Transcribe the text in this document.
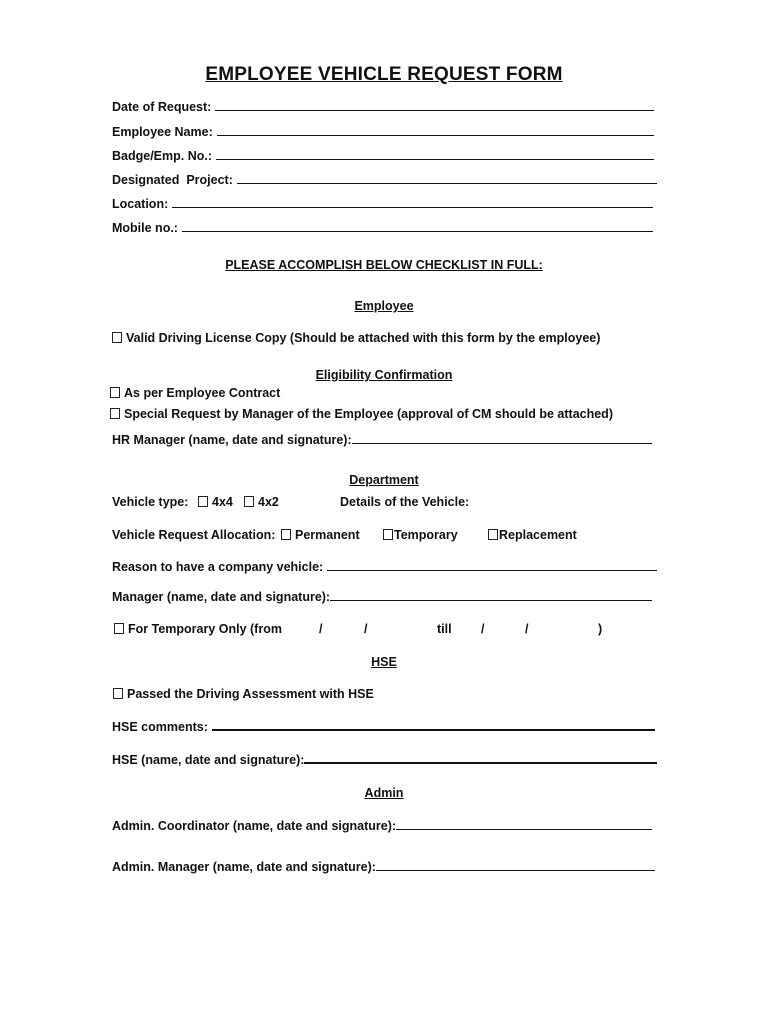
EMPLOYEE VEHICLE REQUEST FORM
Date of Request:
Employee Name:
Badge/Emp. No.:
Designated  Project:
Location:
Mobile no.:
PLEASE ACCOMPLISH BELOW CHECKLIST IN FULL:
Employee
Valid Driving License Copy (Should be attached with this form by the employee)
Eligibility Confirmation
As per Employee Contract
Special Request by Manager of the Employee (approval of CM should be attached)
HR Manager (name, date and signature):
Department
Vehicle type:	4x4	4x2	Details of the Vehicle:
Vehicle Request Allocation:	Permanent	Temporary	Replacement
Reason to have a company vehicle:
Manager (name, date and signature):
For Temporary Only (from	/	/	till /	/	)
HSE
Passed the Driving Assessment with HSE
HSE comments:
HSE (name, date and signature):
Admin
Admin. Coordinator (name, date and signature):
Admin. Manager (name, date and signature):
